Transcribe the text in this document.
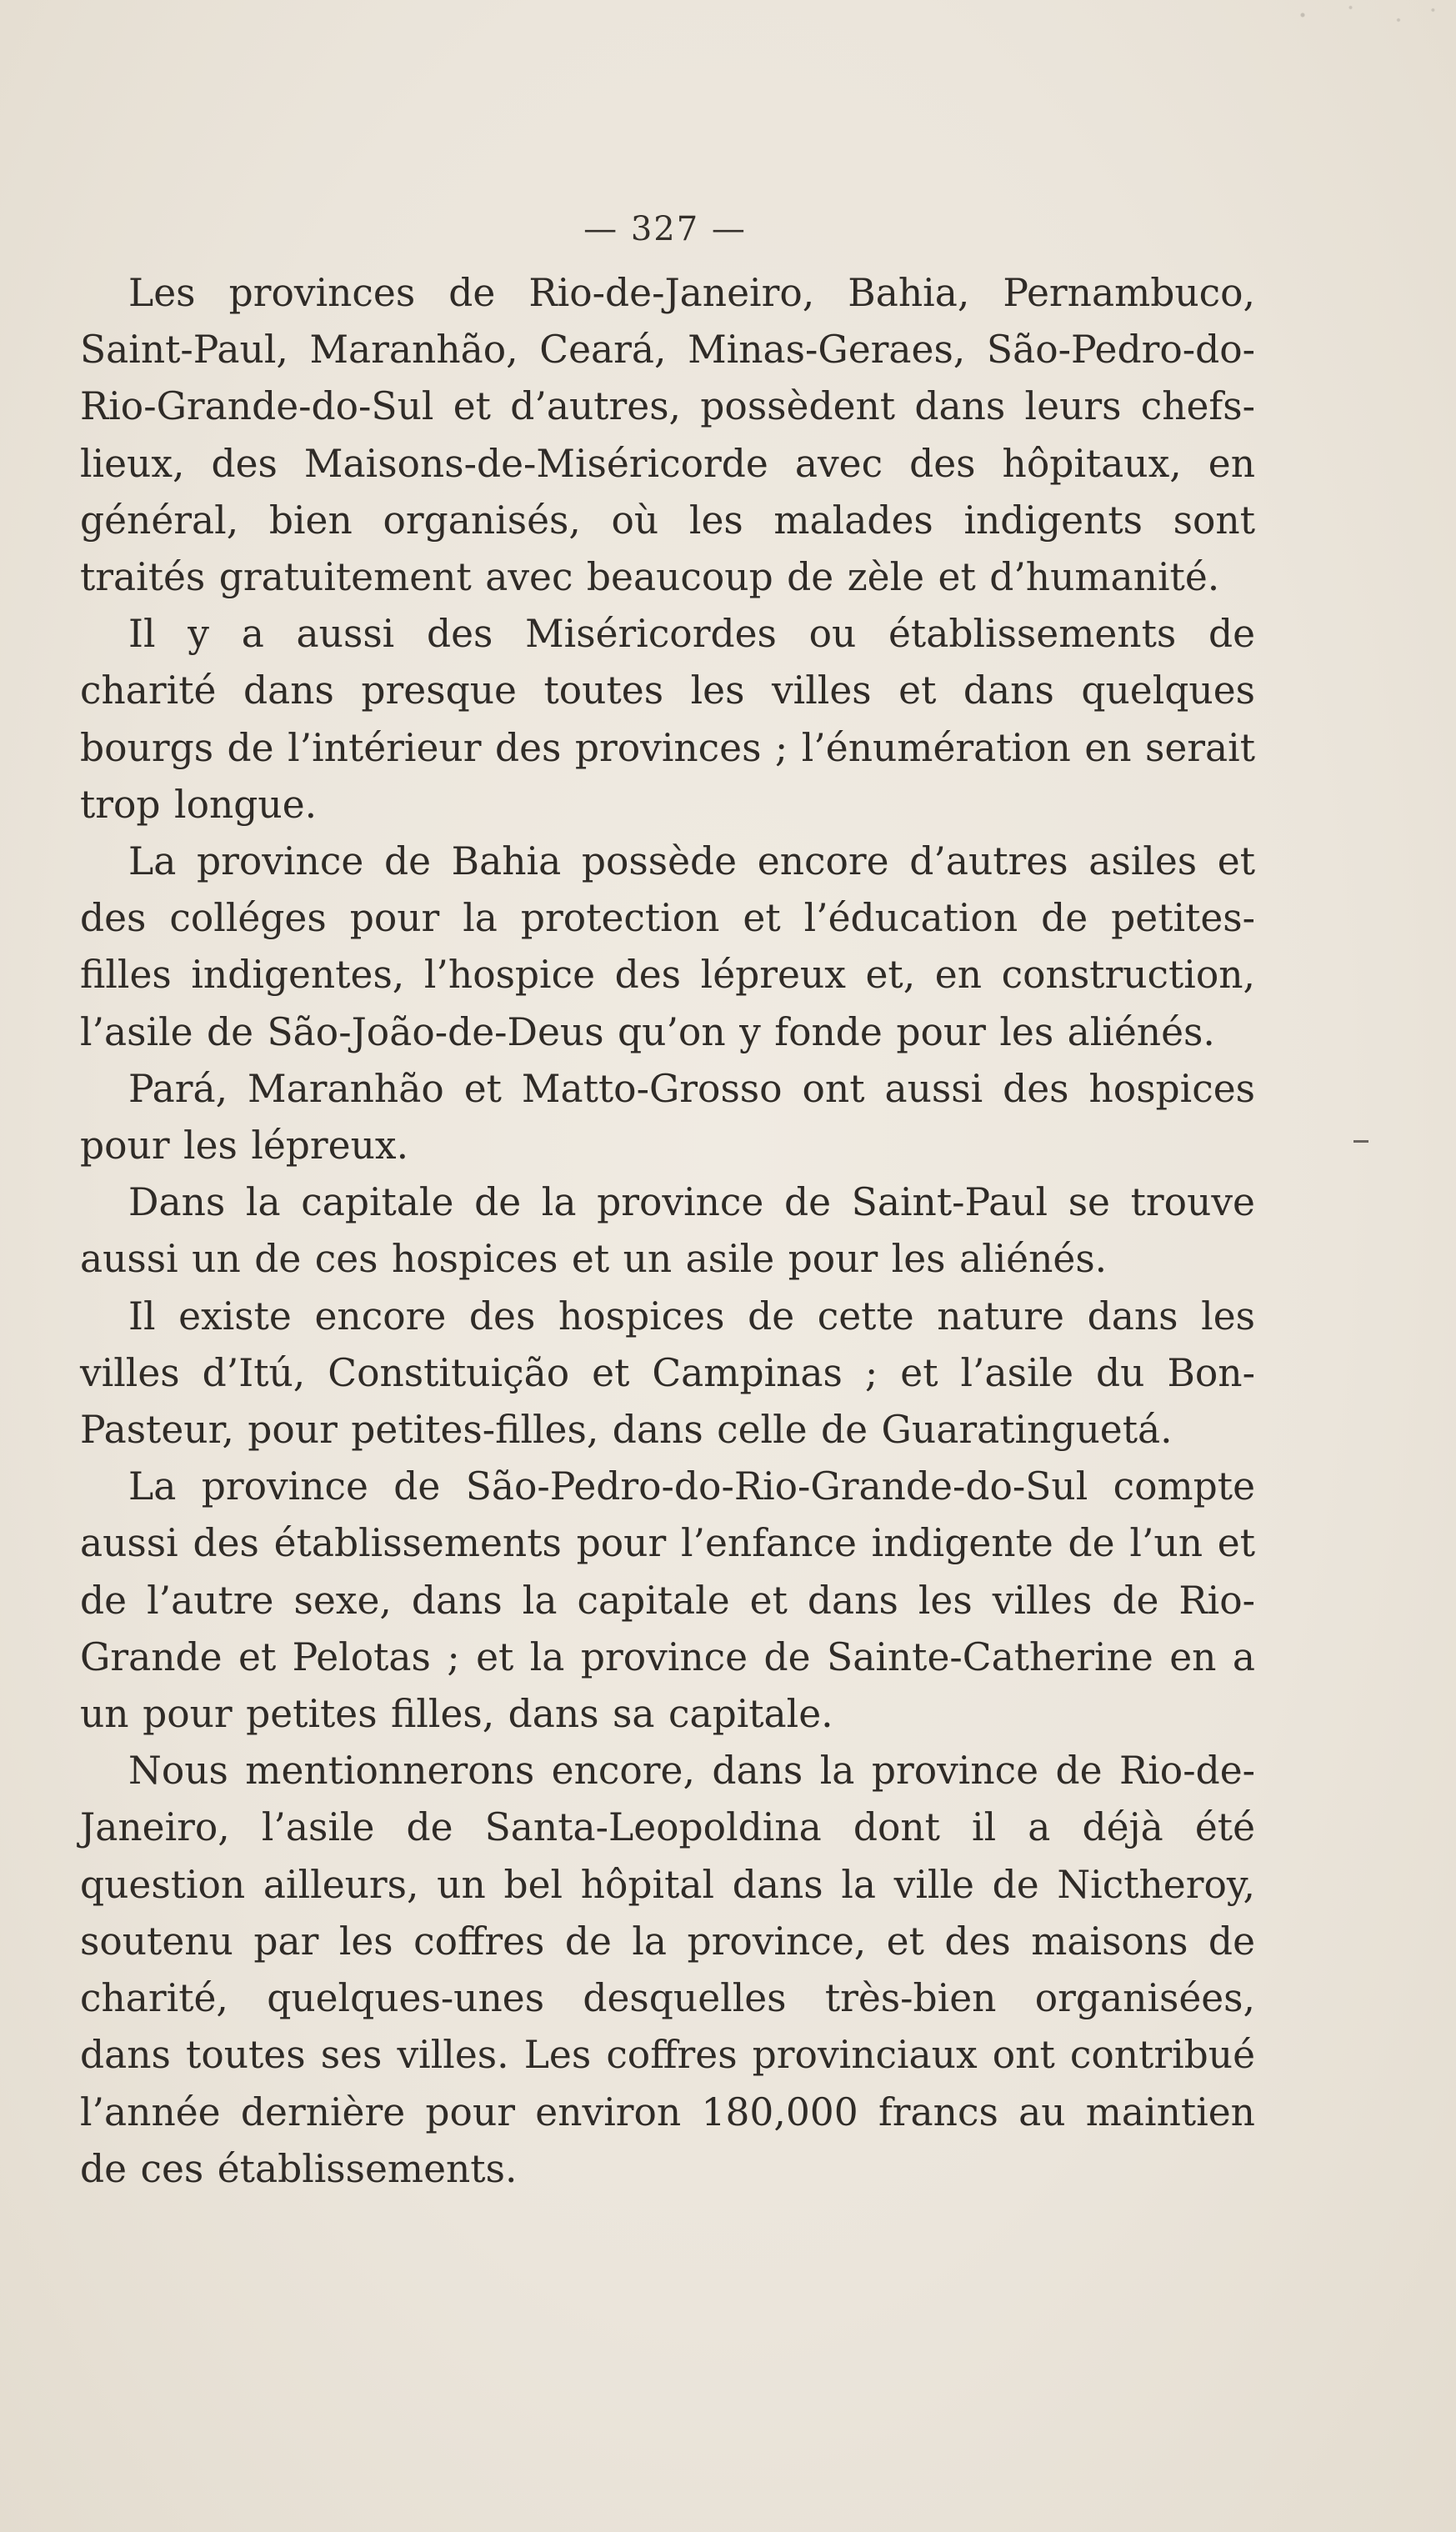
— 327 —

Les provinces de Rio-de-Janeiro, Bahia, Pernambuco, Saint-Paul, Maranhão, Ceará, Minas-Geraes, São-Pedro-do-Rio-Grande-do-Sul et d’autres, possèdent dans leurs chefs-lieux, des Maisons-de-Miséricorde avec des hôpitaux, en général, bien organisés, où les malades indigents sont traités gratuitement avec beaucoup de zèle et d’humanité.

Il y a aussi des Miséricordes ou établissements de charité dans presque toutes les villes et dans quelques bourgs de l’intérieur des provinces ; l’énumération en serait trop longue.

La province de Bahia possède encore d’autres asiles et des colléges pour la protection et l’éducation de petites-filles indigentes, l’hospice des lépreux et, en construction, l’asile de São-João-de-Deus qu’on y fonde pour les aliénés.

Pará, Maranhão et Matto-Grosso ont aussi des hospices pour les lépreux.

Dans la capitale de la province de Saint-Paul se trouve aussi un de ces hospices et un asile pour les aliénés.

Il existe encore des hospices de cette nature dans les villes d’Itú, Constituição et Campinas ; et l’asile du Bon-Pasteur, pour petites-filles, dans celle de Guaratinguetá.

La province de São-Pedro-do-Rio-Grande-do-Sul compte aussi des établissements pour l’enfance indigente de l’un et de l’autre sexe, dans la capitale et dans les villes de Rio-Grande et Pelotas ; et la province de Sainte-Catherine en a un pour petites filles, dans sa capitale.

Nous mentionnerons encore, dans la province de Rio-de-Janeiro, l’asile de Santa-Leopoldina dont il a déjà été question ailleurs, un bel hôpital dans la ville de Nictheroy, soutenu par les coffres de la province, et des maisons de charité, quelques-unes desquelles très-bien organisées, dans toutes ses villes. Les coffres provinciaux ont contribué l’année dernière pour environ 180,000 francs au maintien de ces établissements.
